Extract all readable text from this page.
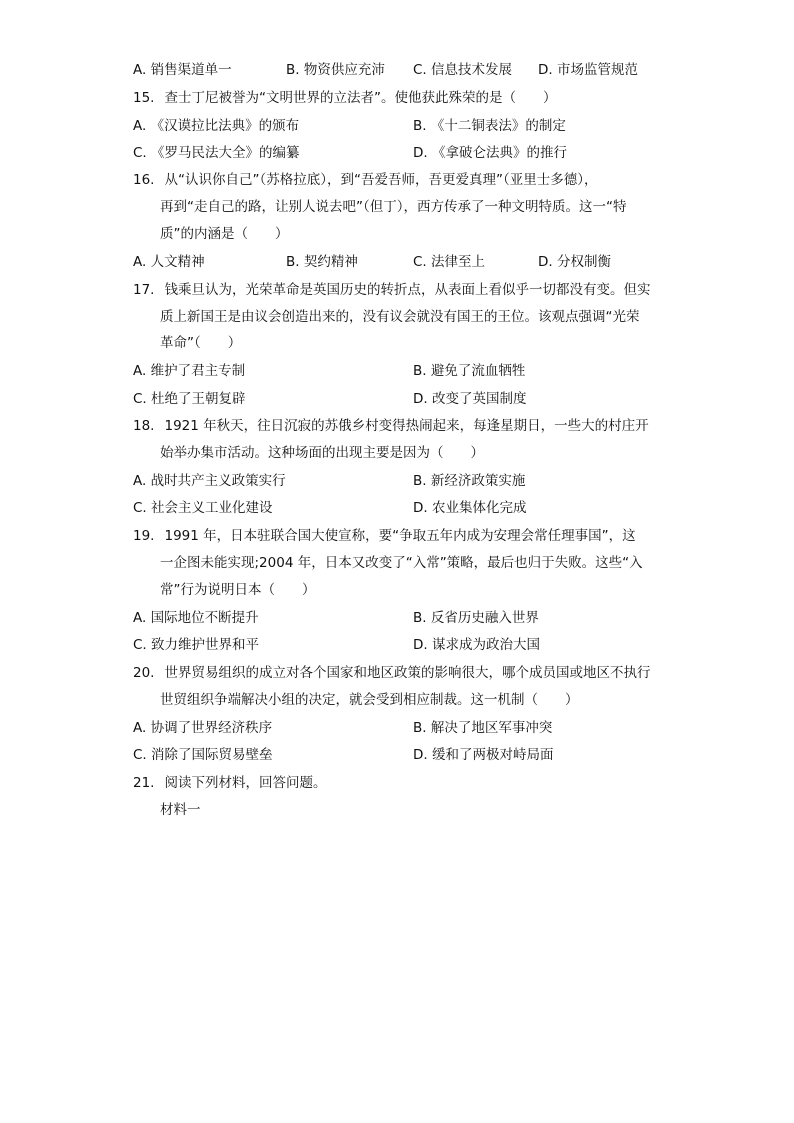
A. 销售渠道单一	B. 物资供应充沛 C. 信息技术发展 D. 市场监管规范
15. 查士丁尼被誉为“文明世界的立法者”。使他获此殊荣的是（　　）
A. 《汉谟拉比法典》的颁布	B. 《十二铜表法》的制定
C. 《罗马民法大全》的编纂	D. 《拿破仑法典》的推行
16. 从“认识你自己”（苏格拉底），到“吾爱吾师，吾更爱真理”（亚里士多德），
再到“走自己的路，让别人说去吧”（但丁），西方传承了一种文明特质。这一“特
质”的内涵是（　　）
A. 人文精神	B. 契约精神	C. 法律至上	D. 分权制衡
17. 钱乘旦认为，光荣革命是英国历史的转折点，从表面上看似乎一切都没有变。但实
质上新国王是由议会创造出来的，没有议会就没有国王的王位。该观点强调“光荣
革命”（　　）
A. 维护了君主专制	B. 避免了流血牺牲
C. 杜绝了王朝复辟	D. 改变了英国制度
18. 1921 年秋天，往日沉寂的苏俄乡村变得热闹起来，每逢星期日，一些大的村庄开
始举办集市活动。这种场面的出现主要是因为（　　）
A. 战时共产主义政策实行	B. 新经济政策实施
C. 社会主义工业化建设	D. 农业集体化完成
19. 1991 年，日本驻联合国大使宣称，要“争取五年内成为安理会常任理事国”，这
一企图未能实现;2004 年，日本又改变了“入常”策略，最后也归于失败。这些“入
常”行为说明日本（　　）
A. 国际地位不断提升	B. 反省历史融入世界
C. 致力维护世界和平	D. 谋求成为政治大国
20. 世界贸易组织的成立对各个国家和地区政策的影响很大，哪个成员国或地区不执行
世贸组织争端解决小组的决定，就会受到相应制裁。这一机制（　　）
A. 协调了世界经济秩序	B. 解决了地区军事冲突
C. 消除了国际贸易壁垒	D. 缓和了两极对峙局面
21. 阅读下列材料，回答问题。
材料一
